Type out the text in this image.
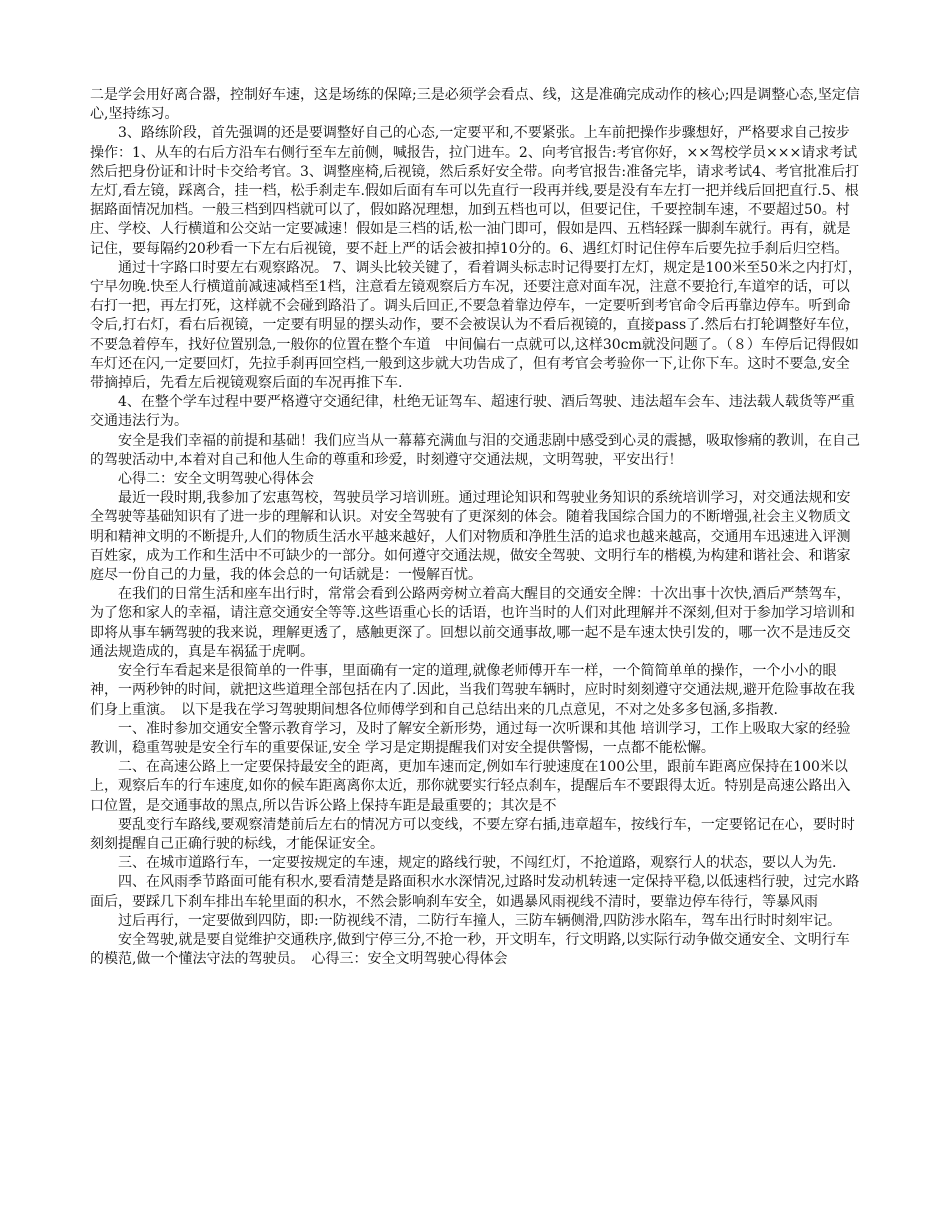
二是学会用好离合器，控制好车速，这是场练的保障;三是必须学会看点、线，这是准确完成动作的核心;四是调整心态,坚定信心,坚持练习。

3、路练阶段，首先强调的还是要调整好自己的心态,一定要平和,不要紧张。上车前把操作步骤想好，严格要求自己按步操作：1、从车的右后方沿车右侧行至车左前侧，喊报告，拉门进车。2、向考官报告:考官你好，××驾校学员×××请求考试然后把身份证和计时卡交给考官。3、调整座椅,后视镜，然后系好安全带。向考官报告:准备完毕，请求考试4、考官批准后打左灯,看左镜，踩离合，挂一档，松手刹走车.假如后面有车可以先直行一段再并线,要是没有车左打一把并线后回把直行.5、根据路面情况加档。一般三档到四档就可以了，假如路况理想，加到五档也可以，但要记住，千要控制车速，不要超过50。村庄、学校、人行横道和公交站一定要减速！假如是三档的话,松一油门即可，假如是四、五档轻踩一脚刹车就行。再有，就是记住，要每隔约20秒看一下左右后视镜，要不赶上严的话会被扣掉10分的。6、遇红灯时记住停车后要先拉手刹后归空档。

通过十字路口时要左右观察路况。 7、调头比较关键了，看着调头标志时记得要打左灯，规定是100米至50米之内打灯，宁早勿晚.快至人行横道前减速减档至1档，注意看左镜观察后方车况，还要注意对面车况，注意不要抢行,车道窄的话，可以右打一把，再左打死，这样就不会碰到路沿了。调头后回正,不要急着靠边停车，一定要听到考官命令后再靠边停车。听到命令后,打右灯，看右后视镜，一定要有明显的摆头动作，要不会被误认为不看后视镜的，直接pass了.然后右打轮调整好车位，不要急着停车，找好位置别急,一般你的位置在整个车道　中间偏右一点就可以,这样30cm就没问题了。（８）车停后记得假如车灯还在闪,一定要回灯，先拉手刹再回空档,一般到这步就大功告成了，但有考官会考验你一下,让你下车。这时不要急,安全带摘掉后，先看左后视镜观察后面的车况再推下车.

4、在整个学车过程中要严格遵守交通纪律，杜绝无证驾车、超速行驶、酒后驾驶、违法超车会车、违法载人载货等严重交通违法行为。

安全是我们幸福的前提和基础！我们应当从一幕幕充满血与泪的交通悲剧中感受到心灵的震撼，吸取惨痛的教训，在自己的驾驶活动中,本着对自己和他人生命的尊重和珍爱，时刻遵守交通法规，文明驾驶，平安出行！

心得二：安全文明驾驶心得体会

最近一段时期,我参加了宏惠驾校，驾驶员学习培训班。通过理论知识和驾驶业务知识的系统培训学习，对交通法规和安全驾驶等基础知识有了进一步的理解和认识。对安全驾驶有了更深刻的体会。随着我国综合国力的不断增强,社会主义物质文明和精神文明的不断提升,人们的物质生活水平越来越好，人们对物质和净胜生活的追求也越来越高，交通用车迅速进入评测百姓家，成为工作和生活中不可缺少的一部分。如何遵守交通法规，做安全驾驶、文明行车的楷模,为构建和谐社会、和谐家庭尽一份自己的力量，我的体会总的一句话就是：一慢解百忧。

在我们的日常生活和座车出行时，常常会看到公路两旁树立着高大醒目的交通安全牌：十次出事十次快,酒后严禁驾车，为了您和家人的幸福，请注意交通安全等等.这些语重心长的话语，也许当时的人们对此理解并不深刻,但对于参加学习培训和即将从事车辆驾驶的我来说，理解更透了，感触更深了。回想以前交通事故,哪一起不是车速太快引发的，哪一次不是违反交通法规造成的，真是车祸猛于虎啊。

安全行车看起来是很简单的一件事，里面确有一定的道理,就像老师傅开车一样，一个简简单单的操作，一个小小的眼神，一两秒钟的时间，就把这些道理全部包括在内了.因此，当我们驾驶车辆时，应时时刻刻遵守交通法规,避开危险事故在我们身上重演。　以下是我在学习驾驶期间想各位师傅学到和自己总结出来的几点意见，不对之处多多包涵,多指教.

一、准时参加交通安全警示教育学习，及时了解安全新形势，通过每一次听课和其他 培训学习，工作上吸取大家的经验教训，稳重驾驶是安全行车的重要保证,安全 学习是定期提醒我们对安全提供警惕，一点都不能松懈。

二、在高速公路上一定要保持最安全的距离，更加车速而定,例如车行驶速度在100公里，跟前车距离应保持在100米以上，观察后车的行车速度,如你的候车距离离你太近，那你就要实行轻点刹车，提醒后车不要跟得太近。特别是高速公路出入口位置，是交通事故的黑点,所以告诉公路上保持车距是最重要的；其次是不

要乱变行车路线,要观察清楚前后左右的情况方可以变线，不要左穿右插,违章超车，按线行车，一定要铭记在心，要时时刻刻提醒自己正确行驶的标线，才能保证安全。

三、在城市道路行车，一定要按规定的车速，规定的路线行驶，不闯红灯，不抢道路，观察行人的状态，要以人为先.

四、在风雨季节路面可能有积水,要看清楚是路面积水水深情况,过路时发动机转速一定保持平稳,以低速档行驶，过完水路面后，要踩几下刹车排出车轮里面的积水，不然会影响刹车安全，如遇暴风雨视线不清时，要靠边停车待行，等暴风雨

过后再行，一定要做到四防，即:一防视线不清，二防行车撞人，三防车辆侧滑,四防涉水陷车，驾车出行时时刻牢记。

安全驾驶,就是要自觉维护交通秩序,做到宁停三分,不抢一秒，开文明车，行文明路,以实际行动争做交通安全、文明行车的模范,做一个懂法守法的驾驶员。　心得三：安全文明驾驶心得体会
